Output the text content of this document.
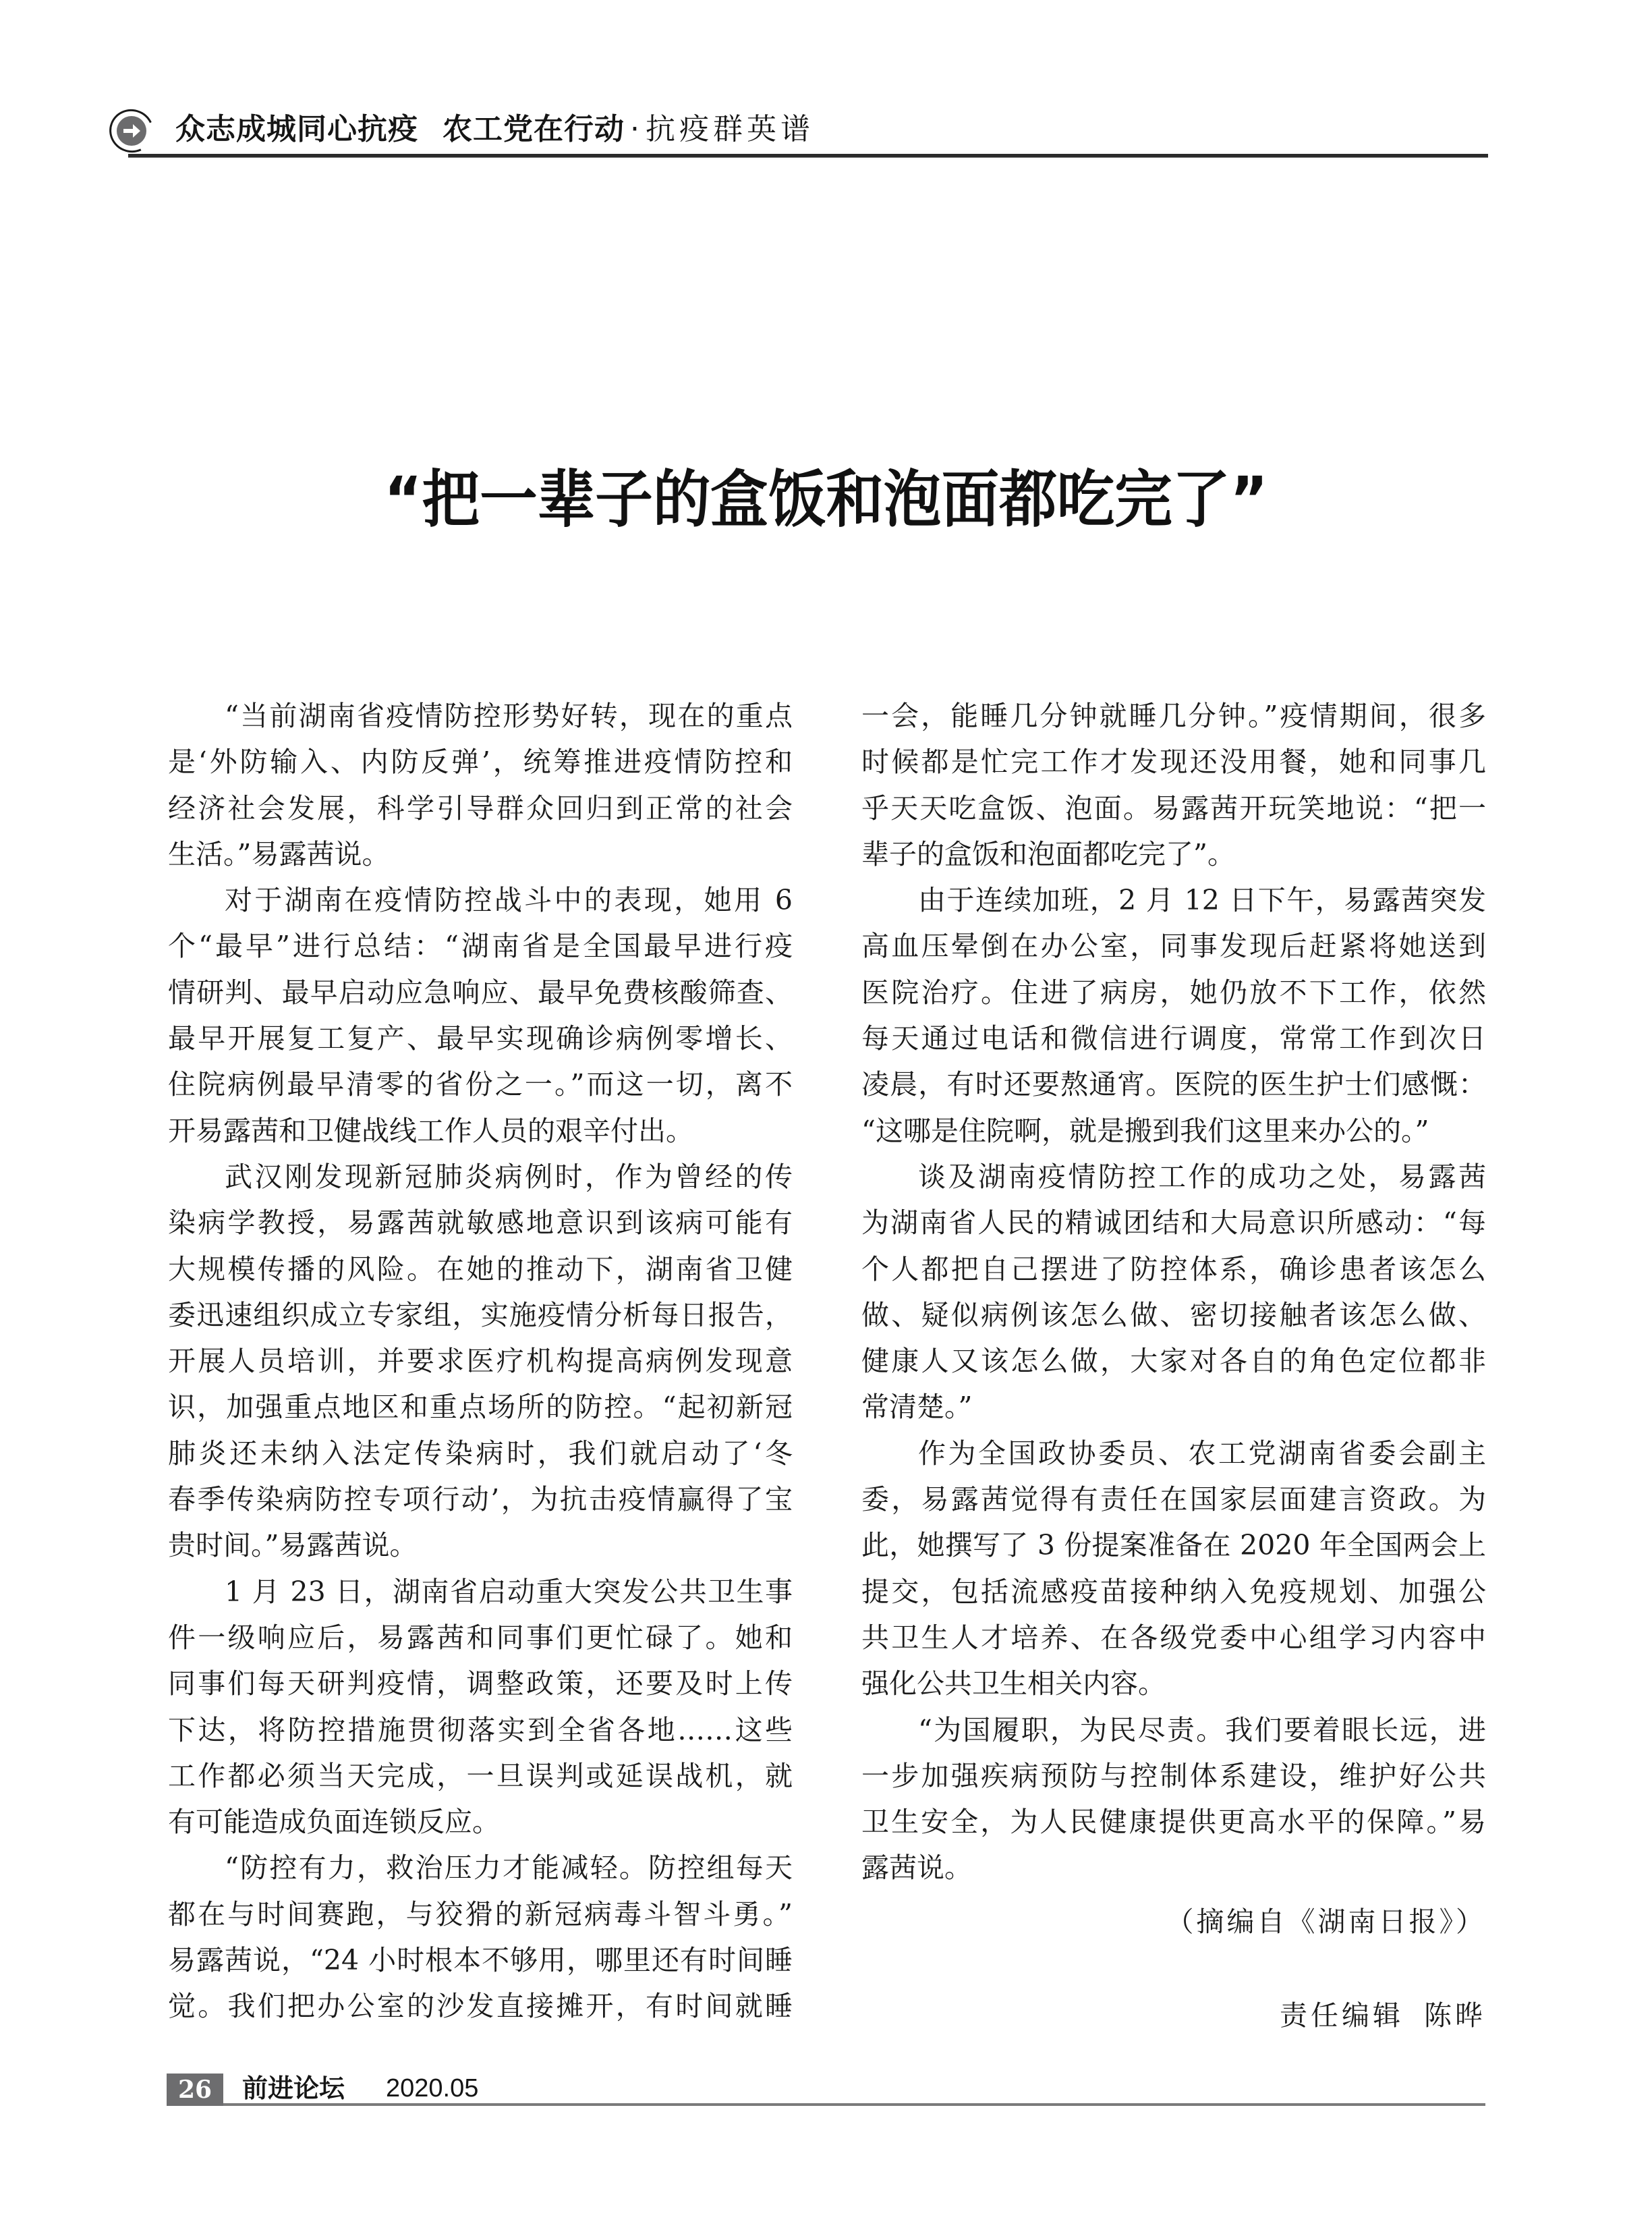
众志成城同心抗疫 农工党在行动 · 抗疫群英谱
“把一辈子的盒饭和泡面都吃完了”
“当前湖南省疫情防控形势好转，现在的重点
是‘外防输入、内防反弹’，统筹推进疫情防控和
经济社会发展，科学引导群众回归到正常的社会
生活。”易露茜说。
对于湖南在疫情防控战斗中的表现，她用 6
个“最早”进行总结：“湖南省是全国最早进行疫
情研判、最早启动应急响应、最早免费核酸筛查、
最早开展复工复产、最早实现确诊病例零增长、
住院病例最早清零的省份之一。”而这一切，离不
开易露茜和卫健战线工作人员的艰辛付出。
武汉刚发现新冠肺炎病例时，作为曾经的传
染病学教授，易露茜就敏感地意识到该病可能有
大规模传播的风险。在她的推动下，湖南省卫健
委迅速组织成立专家组，实施疫情分析每日报告，
开展人员培训，并要求医疗机构提高病例发现意
识，加强重点地区和重点场所的防控。“起初新冠
肺炎还未纳入法定传染病时，我们就启动了‘冬
春季传染病防控专项行动’，为抗击疫情赢得了宝
贵时间。”易露茜说。
1 月 23 日，湖南省启动重大突发公共卫生事
件一级响应后，易露茜和同事们更忙碌了。她和
同事们每天研判疫情，调整政策，还要及时上传
下达，将防控措施贯彻落实到全省各地……这些
工作都必须当天完成，一旦误判或延误战机，就
有可能造成负面连锁反应。
“防控有力，救治压力才能减轻。防控组每天
都在与时间赛跑，与狡猾的新冠病毒斗智斗勇。”
易露茜说，“24 小时根本不够用，哪里还有时间睡
觉。我们把办公室的沙发直接摊开，有时间就睡
一会，能睡几分钟就睡几分钟。”疫情期间，很多
时候都是忙完工作才发现还没用餐，她和同事几
乎天天吃盒饭、泡面。易露茜开玩笑地说：“把一
辈子的盒饭和泡面都吃完了”。
由于连续加班，2 月 12 日下午，易露茜突发
高血压晕倒在办公室，同事发现后赶紧将她送到
医院治疗。住进了病房，她仍放不下工作，依然
每天通过电话和微信进行调度，常常工作到次日
凌晨，有时还要熬通宵。医院的医生护士们感慨：
“这哪是住院啊，就是搬到我们这里来办公的。”
谈及湖南疫情防控工作的成功之处，易露茜
为湖南省人民的精诚团结和大局意识所感动：“每
个人都把自己摆进了防控体系，确诊患者该怎么
做、疑似病例该怎么做、密切接触者该怎么做、
健康人又该怎么做，大家对各自的角色定位都非
常清楚。”
作为全国政协委员、农工党湖南省委会副主
委，易露茜觉得有责任在国家层面建言资政。为
此，她撰写了 3 份提案准备在 2020 年全国两会上
提交，包括流感疫苗接种纳入免疫规划、加强公
共卫生人才培养、在各级党委中心组学习内容中
强化公共卫生相关内容。
“为国履职，为民尽责。我们要着眼长远，进
一步加强疾病预防与控制体系建设，维护好公共
卫生安全，为人民健康提供更高水平的保障。”易
露茜说。
（摘编自《湖南日报》）
责任编辑 陈晔
26	前进论坛 2020.05
